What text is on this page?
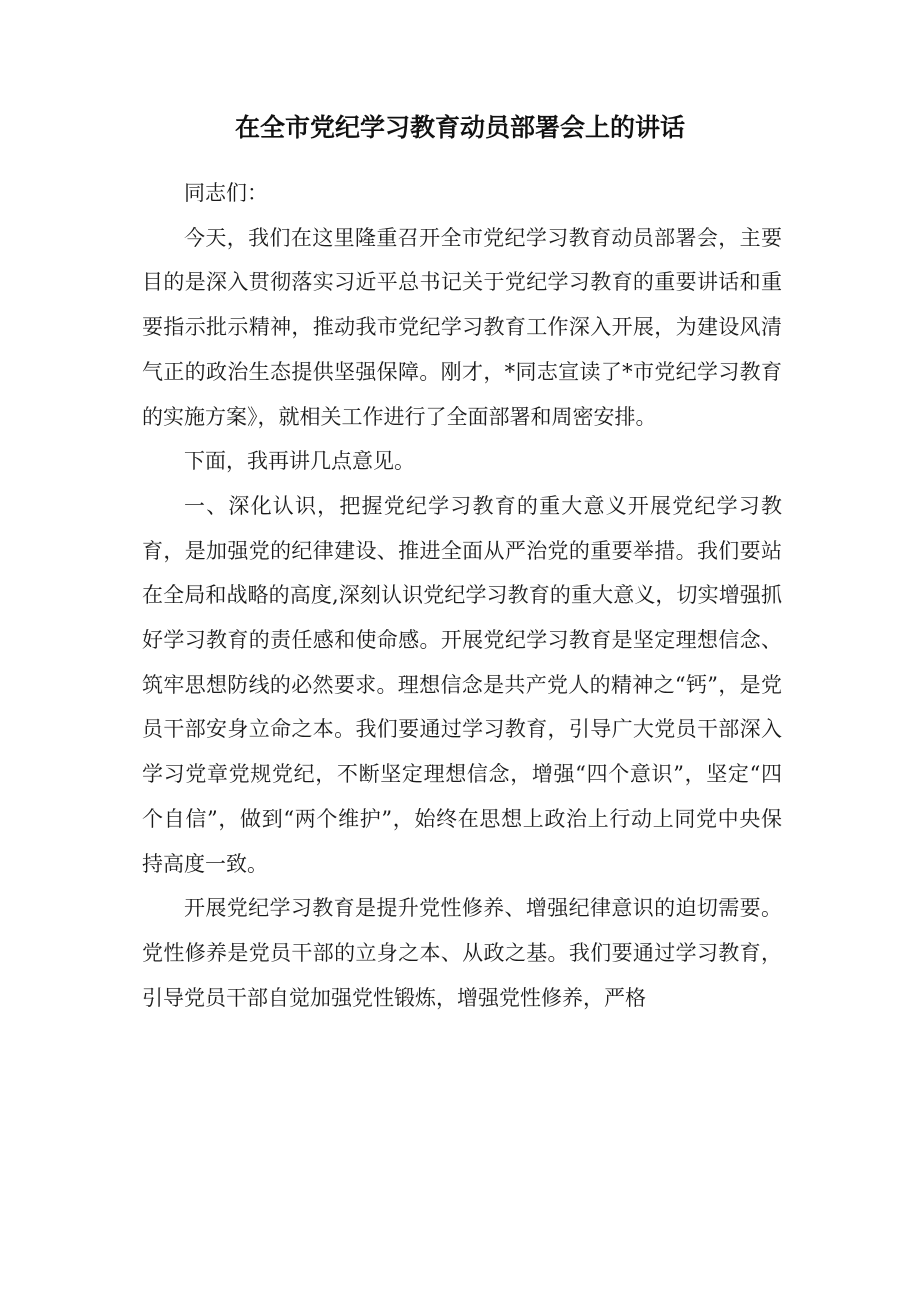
在全市党纪学习教育动员部署会上的讲话

同志们：

今天，我们在这里隆重召开全市党纪学习教育动员部署会，主要目的是深入贯彻落实习近平总书记关于党纪学习教育的重要讲话和重要指示批示精神，推动我市党纪学习教育工作深入开展，为建设风清气正的政治生态提供坚强保障。刚才，*同志宣读了*市党纪学习教育的实施方案》，就相关工作进行了全面部署和周密安排。

下面，我再讲几点意见。

一、深化认识，把握党纪学习教育的重大意义开展党纪学习教育，是加强党的纪律建设、推进全面从严治党的重要举措。我们要站在全局和战略的高度,深刻认识党纪学习教育的重大意义，切实增强抓好学习教育的责任感和使命感。开展党纪学习教育是坚定理想信念、筑牢思想防线的必然要求。理想信念是共产党人的精神之“钙”，是党员干部安身立命之本。我们要通过学习教育，引导广大党员干部深入学习党章党规党纪，不断坚定理想信念，增强“四个意识”，坚定“四个自信”，做到“两个维护”，始终在思想上政治上行动上同党中央保持高度一致。

开展党纪学习教育是提升党性修养、增强纪律意识的迫切需要。党性修养是党员干部的立身之本、从政之基。我们要通过学习教育，引导党员干部自觉加强党性锻炼，增强党性修养，严格
